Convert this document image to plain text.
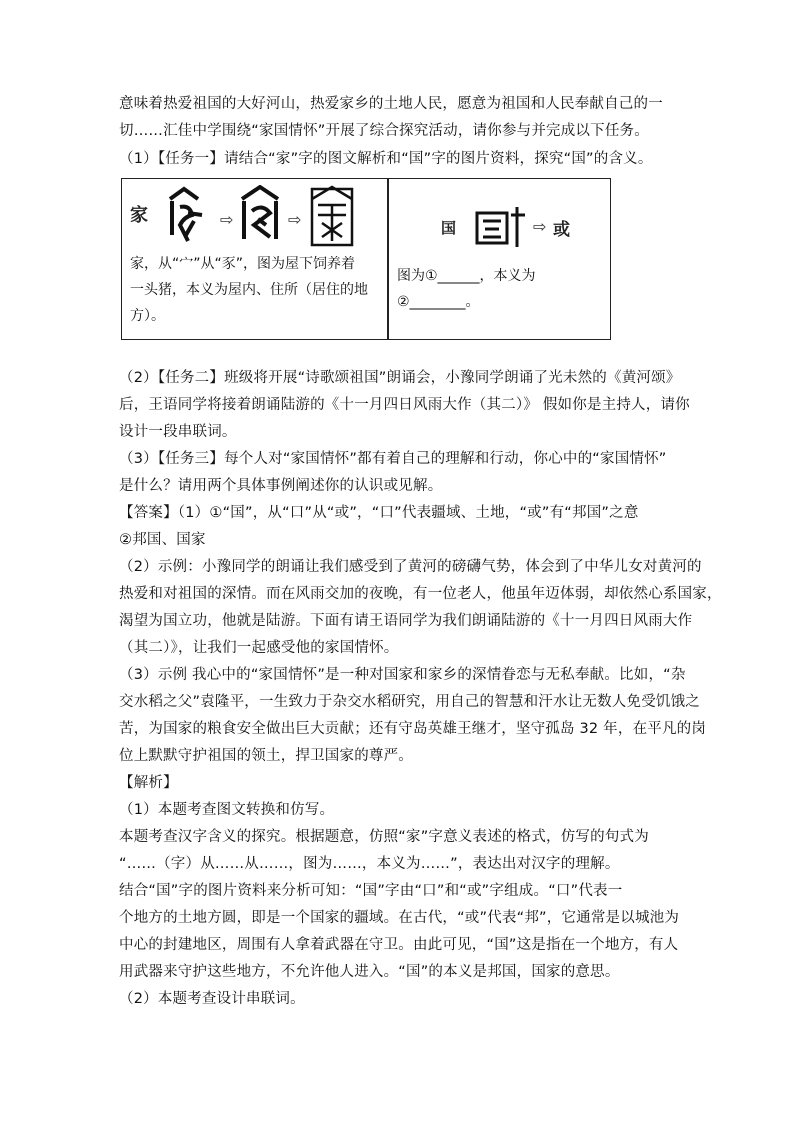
意味着热爱祖国的大好河山，热爱家乡的土地人民，愿意为祖国和人民奉献自己的一
切……汇佳中学围绕“家国情怀”开展了综合探究活动，请你参与并完成以下任务。
（1）【任务一】请结合“家”字的图文解析和“国”字的图片资料，探究“国”的含义。
家	⇨	⇨
家，从“宀”从“豕”，图为屋下饲养着
一头猪，本义为屋内、住所（居住的地
方）。
国	⇨ 或
图为①______，本义为
②________。
（2）【任务二】班级将开展“诗歌颂祖国”朗诵会，小豫同学朗诵了光未然的《黄河颂》
后，王语同学将接着朗诵陆游的《十一月四日风雨大作（其二）》 假如你是主持人，请你
设计一段串联词。
（3）【任务三】每个人对“家国情怀”都有着自己的理解和行动，你心中的“家国情怀”
是什么？请用两个具体事例阐述你的认识或见解。
【答案】（1）①“国”，从“口”从“或”，“口”代表疆域、土地，“或”有“邦国”之意
②邦国、国家
（2）示例：小豫同学的朗诵让我们感受到了黄河的磅礴气势，体会到了中华儿女对黄河的
热爱和对祖国的深情。而在风雨交加的夜晚，有一位老人，他虽年迈体弱，却依然心系国家，
渴望为国立功，他就是陆游。下面有请王语同学为我们朗诵陆游的《十一月四日风雨大作
（其二）》，让我们一起感受他的家国情怀。
（3）示例 我心中的“家国情怀”是一种对国家和家乡的深情眷恋与无私奉献。比如，“杂
交水稻之父”袁隆平，一生致力于杂交水稻研究，用自己的智慧和汗水让无数人免受饥饿之
苦，为国家的粮食安全做出巨大贡献；还有守岛英雄王继才，坚守孤岛 32 年，在平凡的岗
位上默默守护祖国的领土，捍卫国家的尊严。
【解析】
（1）本题考查图文转换和仿写。
本题考查汉字含义的探究。根据题意，仿照“家”字意义表述的格式，仿写的句式为
“……（字）从……从……，图为……，本义为……”，表达出对汉字的理解。
结合“国”字的图片资料来分析可知：“国”字由“口”和“或”字组成。“口”代表一
个地方的土地方圆，即是一个国家的疆域。在古代，“或”代表“邦”，它通常是以城池为
中心的封建地区，周围有人拿着武器在守卫。由此可见，“国”这是指在一个地方，有人
用武器来守护这些地方，不允许他人进入。“国”的本义是邦国，国家的意思。
（2）本题考查设计串联词。
